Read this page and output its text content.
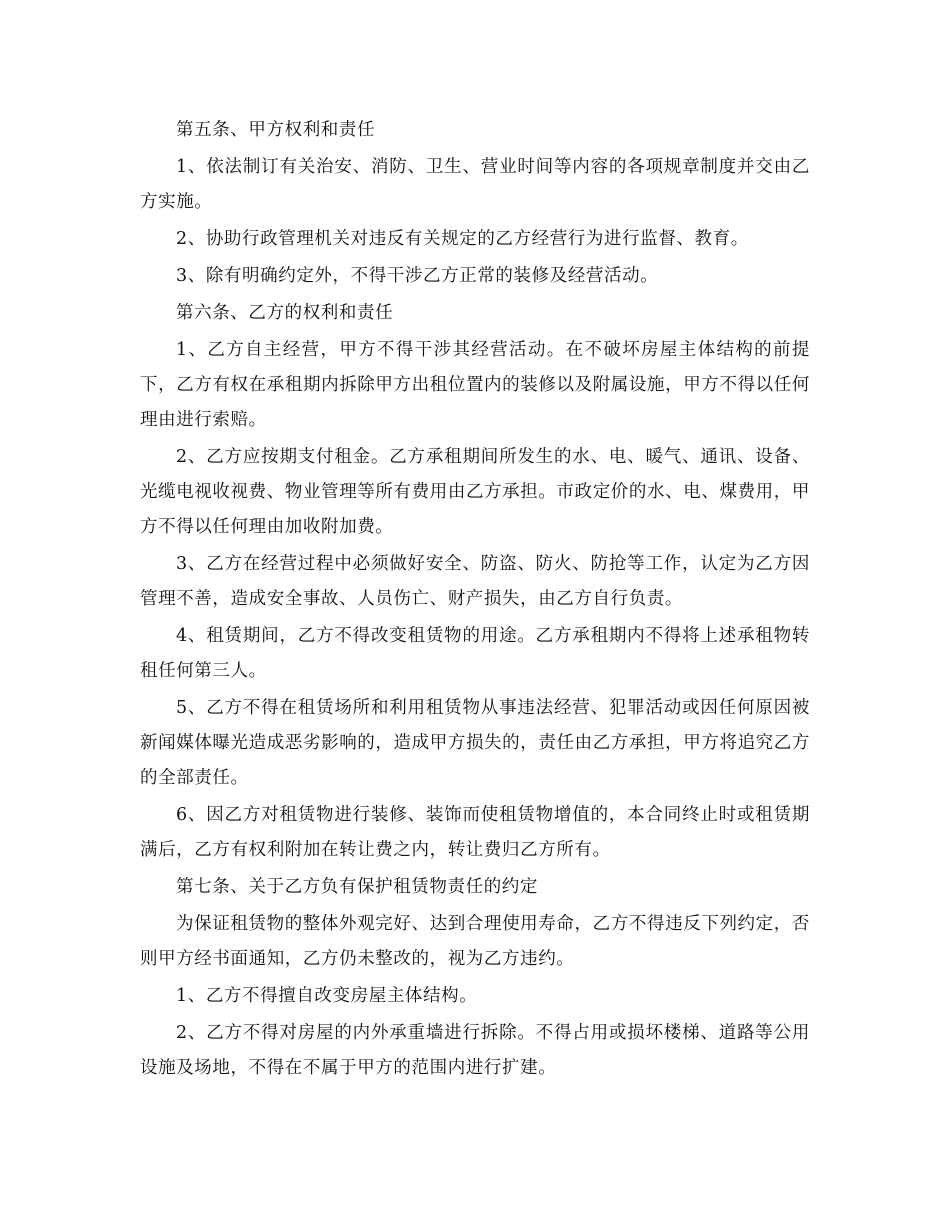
第五条、甲方权利和责任

1、依法制订有关治安、消防、卫生、营业时间等内容的各项规章制度并交由乙方实施。

2、协助行政管理机关对违反有关规定的乙方经营行为进行监督、教育。

3、除有明确约定外，不得干涉乙方正常的装修及经营活动。

第六条、乙方的权利和责任

1、乙方自主经营，甲方不得干涉其经营活动。在不破坏房屋主体结构的前提下，乙方有权在承租期内拆除甲方出租位置内的装修以及附属设施，甲方不得以任何理由进行索赔。

2、乙方应按期支付租金。乙方承租期间所发生的水、电、暖气、通讯、设备、光缆电视收视费、物业管理等所有费用由乙方承担。市政定价的水、电、煤费用，甲方不得以任何理由加收附加费。

3、乙方在经营过程中必须做好安全、防盗、防火、防抢等工作，认定为乙方因管理不善，造成安全事故、人员伤亡、财产损失，由乙方自行负责。

4、租赁期间，乙方不得改变租赁物的用途。乙方承租期内不得将上述承租物转租任何第三人。

5、乙方不得在租赁场所和利用租赁物从事违法经营、犯罪活动或因任何原因被新闻媒体曝光造成恶劣影响的，造成甲方损失的，责任由乙方承担，甲方将追究乙方的全部责任。

6、因乙方对租赁物进行装修、装饰而使租赁物增值的，本合同终止时或租赁期满后，乙方有权利附加在转让费之内，转让费归乙方所有。

第七条、关于乙方负有保护租赁物责任的约定

为保证租赁物的整体外观完好、达到合理使用寿命，乙方不得违反下列约定，否则甲方经书面通知，乙方仍未整改的，视为乙方违约。

1、乙方不得擅自改变房屋主体结构。

2、乙方不得对房屋的内外承重墙进行拆除。不得占用或损坏楼梯、道路等公用设施及场地，不得在不属于甲方的范围内进行扩建。
